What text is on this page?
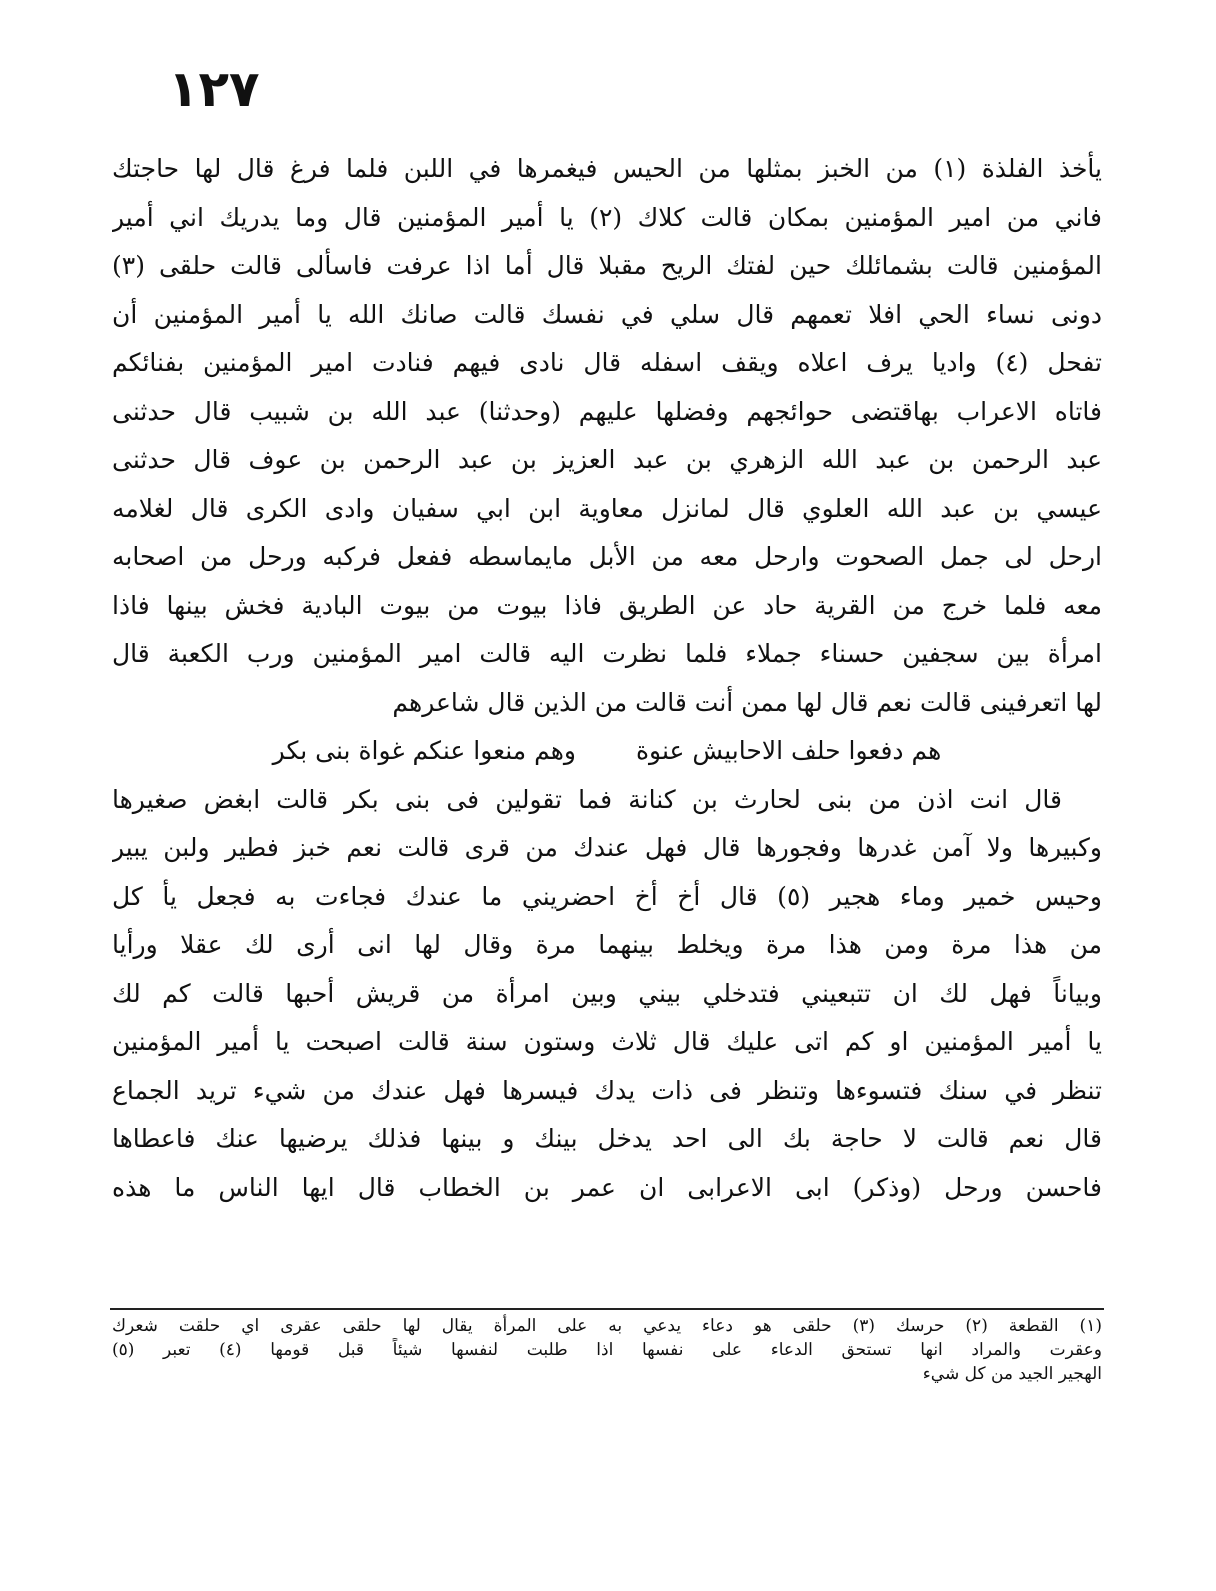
١٢٧
يأخذ الفلذة (١) من الخبز بمثلها من الحيس فيغمرها في اللبن فلما فرغ قال لها حاجتك
فاني من امير المؤمنين بمكان قالت كلاك (٢) يا أمير المؤمنين قال وما يدريك اني أمير
المؤمنين قالت بشمائلك حين لفتك الريح مقبلا قال أما اذا عرفت فاسألى قالت حلقى (٣)
دونى نساء الحي افلا تعمهم قال سلي في نفسك قالت صانك الله يا أمير المؤمنين أن
تفحل (٤) واديا يرف اعلاه ويقف اسفله قال نادى فيهم فنادت امير المؤمنين بفنائكم
فاتاه الاعراب بهاقتضى حوائجهم وفضلها عليهم (وحدثنا) عبد الله بن شبيب قال حدثنى
عبد الرحمن بن عبد الله الزهري بن عبد العزيز بن عبد الرحمن بن عوف قال حدثنى
عيسي بن عبد الله العلوي قال لمانزل معاوية ابن ابي سفيان وادى الكرى قال لغلامه
ارحل لى جمل الصحوت وارحل معه من الأبل مايماسطه ففعل فركبه ورحل من اصحابه
معه فلما خرج من القرية حاد عن الطريق فاذا بيوت من بيوت البادية فخش بينها فاذا
امرأة بين سجفين حسناء جملاء فلما نظرت اليه قالت امير المؤمنين ورب الكعبة قال
لها اتعرفينى قالت نعم قال لها ممن أنت قالت من الذين قال شاعرهم
هم دفعوا حلف الاحابيش عنوة وهم منعوا عنكم غواة بنى بكر
قال انت اذن من بنى لحارث بن كنانة فما تقولين فى بنى بكر قالت ابغض صغيرها
وكبيرها ولا آمن غدرها وفجورها قال فهل عندك من قرى قالت نعم خبز فطير ولبن يبير
وحيس خمير وماء هجير (٥) قال أخ أخ احضريني ما عندك فجاءت به فجعل يأ كل
من هذا مرة ومن هذا مرة ويخلط بينهما مرة وقال لها انى أرى لك عقلا ورأيا
وبياناً فهل لك ان تتبعيني فتدخلي بيني وبين امرأة من قريش أحبها قالت كم لك
يا أمير المؤمنين او كم اتى عليك قال ثلاث وستون سنة قالت اصبحت يا أمير المؤمنين
تنظر في سنك فتسوءها وتنظر فى ذات يدك فيسرها فهل عندك من شيء تريد الجماع
قال نعم قالت لا حاجة بك الى احد يدخل بينك و بينها فذلك يرضيها عنك فاعطاها
فاحسن ورحل (وذكر) ابى الاعرابى ان عمر بن الخطاب قال ايها الناس ما هذه
(١) القطعة (٢) حرسك (٣) حلقى هو دعاء يدعي به على المرأة يقال لها حلقى عقرى اي حلقت شعرك
وعقرت والمراد انها تستحق الدعاء على نفسها اذا طلبت لنفسها شيئاً قبل قومها (٤) تعبر (٥)
الهجير الجيد من كل شيء
